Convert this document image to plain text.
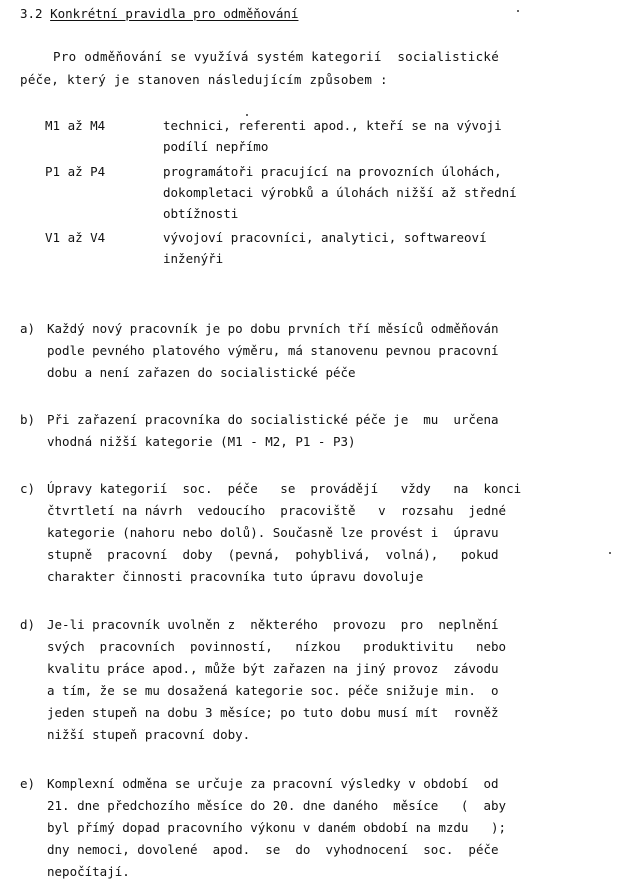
3.2 Konkrétní pravidla pro odměňování
Pro odměňování se využívá systém kategorií  socialistické
péče, který je stanoven následujícím způsobem :
M1 až M4	technici, referenti apod., kteří se na vývoji
podílí nepřímo
P1 až P4	programátoři pracující na provozních úlohách,
dokompletaci výrobků a úlohách nižší až střední
obtížnosti
V1 až V4	vývojoví pracovníci, analytici, softwareoví
inženýři
a) Každý nový pracovník je po dobu prvních tří měsíců odměňován
podle pevného platového výměru, má stanovenu pevnou pracovní
dobu a není zařazen do socialistické péče
b) Při zařazení pracovníka do socialistické péče je  mu  určena
vhodná nižší kategorie (M1 - M2, P1 - P3)
c) Úpravy kategorií  soc.  péče   se  provádějí   vždy   na  konci
čtvrtletí na návrh  vedoucího  pracoviště   v  rozsahu  jedné
kategorie (nahoru nebo dolů). Současně lze provést i  úpravu
stupně  pracovní  doby  (pevná,  pohyblivá,  volná),   pokud
charakter činnosti pracovníka tuto úpravu dovoluje
d) Je-li pracovník uvolněn z  některého  provozu  pro  neplnění
svých  pracovních  povinností,   nízkou   produktivitu   nebo
kvalitu práce apod., může být zařazen na jiný provoz  závodu
a tím, že se mu dosažená kategorie soc. péče snižuje min.  o
jeden stupeň na dobu 3 měsíce; po tuto dobu musí mít  rovněž
nižší stupeň pracovní doby.
e) Komplexní odměna se určuje za pracovní výsledky v období  od
21. dne předchozího měsíce do 20. dne daného  měsíce   (  aby
byl přímý dopad pracovního výkonu v daném období na mzdu   );
dny nemoci, dovolené  apod.  se  do  vyhodnocení  soc.  péče
nepočítají.
